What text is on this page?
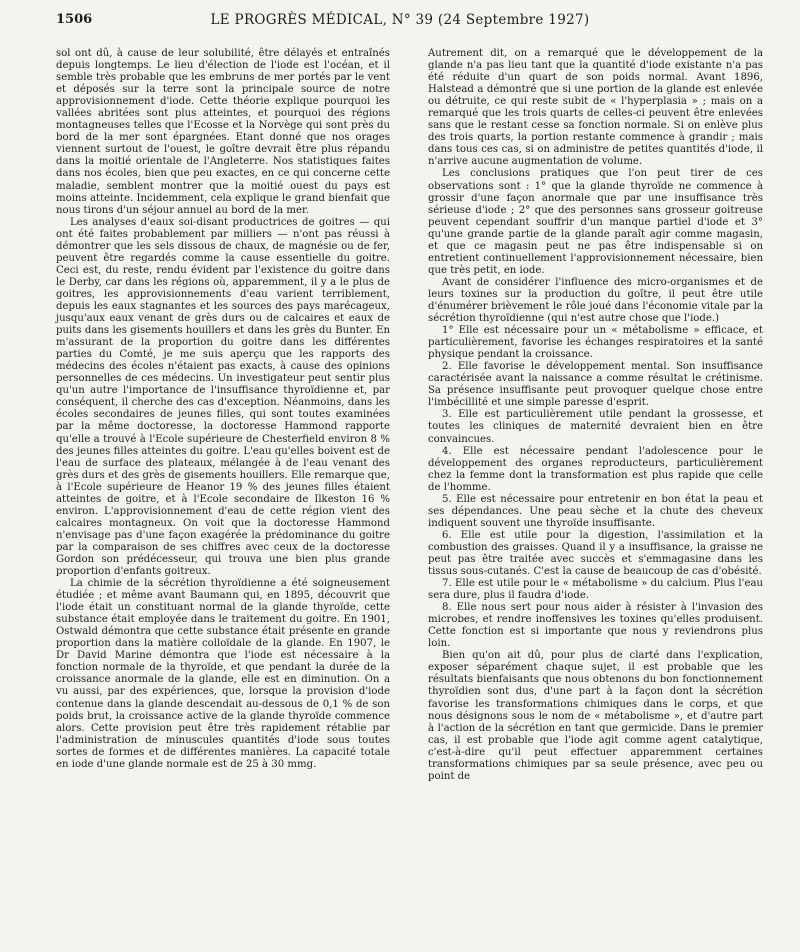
1506	LE PROGRÈS MÉDICAL, N° 39 (24 Septembre 1927)

sol ont dû, à cause de leur solubilité, être délayés et entraînés depuis longtemps. Le lieu d'élection de l'iode est l'océan, et il semble très probable que les embruns de mer portés par le vent et déposés sur la terre sont la principale source de notre approvisionnement d'iode. Cette théorie explique pourquoi les vallées abritées sont plus atteintes, et pourquoi des régions montagneuses telles que l'Ecosse et la Norvège qui sont près du bord de la mer sont épargnées. Etant donné que nos orages viennent surtout de l'ouest, le goître devrait être plus répandu dans la moitié orientale de l'Angleterre. Nos statistiques faites dans nos écoles, bien que peu exactes, en ce qui concerne cette maladie, semblent montrer que la moitié ouest du pays est moins atteinte. Incidemment, cela explique le grand bienfait que nous tirons d'un séjour annuel au bord de la mer.

Les analyses d'eaux soi-disant productrices de goitres — qui ont été faites probablement par milliers — n'ont pas réussi à démontrer que les sels dissous de chaux, de magnésie ou de fer, peuvent être regardés comme la cause essentielle du goitre. Ceci est, du reste, rendu évident par l'existence du goitre dans le Derby, car dans les régions où, apparemment, il y a le plus de goitres, les approvisionnements d'eau varient terriblement, depuis les eaux stagnantes et les sources des pays marécageux, jusqu'aux eaux venant de grès durs ou de calcaires et eaux de puits dans les gisements houillers et dans les grès du Bunter. En m'assurant de la proportion du goitre dans les différentes parties du Comté, je me suis aperçu que les rapports des médecins des écoles n'étaient pas exacts, à cause des opinions personnelles de ces médecins. Un investigateur peut sentir plus qu'un autre l'importance de l'insuffisance thyroïdienne et, par conséquent, il cherche des cas d'exception. Néanmoins, dans les écoles secondaires de jeunes filles, qui sont toutes examinées par la même doctoresse, la doctoresse Hammond rapporte qu'elle a trouvé à l'Ecole supérieure de Chesterfield environ 8 % des jeunes filles atteintes du goitre. L'eau qu'elles boivent est de l'eau de surface des plateaux, mélangée à de l'eau venant des grès durs et des grès de gisements houillers. Elle remarque que, à l'Ecole supérieure de Heanor 19 % des jeunes filles étaient atteintes de goitre, et à l'Ecole secondaire de Ilkeston 16 % environ. L'approvisionnement d'eau de cette région vient des calcaires montagneux. On voit que la doctoresse Hammond n'envisage pas d'une façon exagérée la prédominance du goitre par la comparaison de ses chiffres avec ceux de la doctoresse Gordon son prédécesseur, qui trouva une bien plus grande proportion d'enfants goitreux.

La chimie de la sécrétion thyroïdienne a été soigneusement étudiée ; et même avant Baumann qui, en 1895, découvrit que l'iode était un constituant normal de la glande thyroïde, cette substance était employée dans le traitement du goitre. En 1901, Ostwald démontra que cette substance était présente en grande proportion dans la matière colloïdale de la glande. En 1907, le Dr David Marine démontra que l'iode est nécessaire à la fonction normale de la thyroïde, et que pendant la durée de la croissance anormale de la glande, elle est en diminution. On a vu aussi, par des expériences, que, lorsque la provision d'iode contenue dans la glande descendait au-dessous de 0,1 % de son poids brut, la croissance active de la glande thyroïde commence alors. Cette provision peut être très rapidement rétablie par l'administration de minuscules quantités d'iode sous toutes sortes de formes et de différentes manières. La capacité totale en iode d'une glande normale est de 25 à 30 mmg.

Autrement dit, on a remarqué que le développement de la glande n'a pas lieu tant que la quantité d'iode existante n'a pas été réduite d'un quart de son poids normal. Avant 1896, Halstead a démontré que si une portion de la glande est enlevée ou détruite, ce qui reste subit de « l'hyperplasia » ; mais on a remarqué que les trois quarts de celles-ci peuvent être enlevées sans que le restant cesse sa fonction normale. Si on enlève plus des trois quarts, la portion restante commence à grandir ; mais dans tous ces cas, si on administre de petites quantités d'iode, il n'arrive aucune augmentation de volume.

Les conclusions pratiques que l'on peut tirer de ces observations sont : 1° que la glande thyroïde ne commence à grossir d'une façon anormale que par une insuffisance très sérieuse d'iode ; 2° que des personnes sans grosseur goitreuse peuvent cependant souffrir d'un manque partiel d'iode et 3° qu'une grande partie de la glande paraît agir comme magasin, et que ce magasin peut ne pas être indispensable si on entretient continuellement l'approvisionnement nécessaire, bien que très petit, en iode.

Avant de considérer l'influence des micro-organismes et de leurs toxines sur la production du goître, il peut être utile d'énumérer brièvement le rôle joué dans l'économie vitale par la sécrétion thyroïdienne (qui n'est autre chose que l'iode.)

1° Elle est nécessaire pour un « métabolisme » efficace, et particulièrement, favorise les échanges respiratoires et la santé physique pendant la croissance.

2. Elle favorise le développement mental. Son insuffisance caractérisée avant la naissance a comme résultat le crétinisme. Sa présence insuffisante peut provoquer quelque chose entre l'imbécillité et une simple paresse d'esprit.

3. Elle est particulièrement utile pendant la grossesse, et toutes les cliniques de maternité devraient bien en être convaincues.

4. Elle est nécessaire pendant l'adolescence pour le développement des organes reproducteurs, particulièrement chez la femme dont la transformation est plus rapide que celle de l'homme.

5. Elle est nécessaire pour entretenir en bon état la peau et ses dépendances. Une peau sèche et la chute des cheveux indiquent souvent une thyroïde insuffisante.

6. Elle est utile pour la digestion, l'assimilation et la combustion des graisses. Quand il y a insuffisance, la graisse ne peut pas être traitée avec succès et s'emmagasine dans les tissus sous-cutanés. C'est la cause de beaucoup de cas d'obésité.

7. Elle est utile pour le « métabolisme » du calcium. Plus l'eau sera dure, plus il faudra d'iode.

8. Elle nous sert pour nous aider à résister à l'invasion des microbes, et rendre inoffensives les toxines qu'elles produisent. Cette fonction est si importante que nous y reviendrons plus loin.

Bien qu'on ait dû, pour plus de clarté dans l'explication, exposer séparément chaque sujet, il est probable que les résultats bienfaisants que nous obtenons du bon fonctionnement thyroïdien sont dus, d'une part à la façon dont la sécrétion favorise les transformations chimiques dans le corps, et que nous désignons sous le nom de « métabolisme », et d'autre part à l'action de la sécrétion en tant que germicide. Dans le premier cas, il est probable que l'iode agit comme agent catalytique, c'est-à-dire qu'il peut effectuer apparemment certaines transformations chimiques par sa seule présence, avec peu ou point de
